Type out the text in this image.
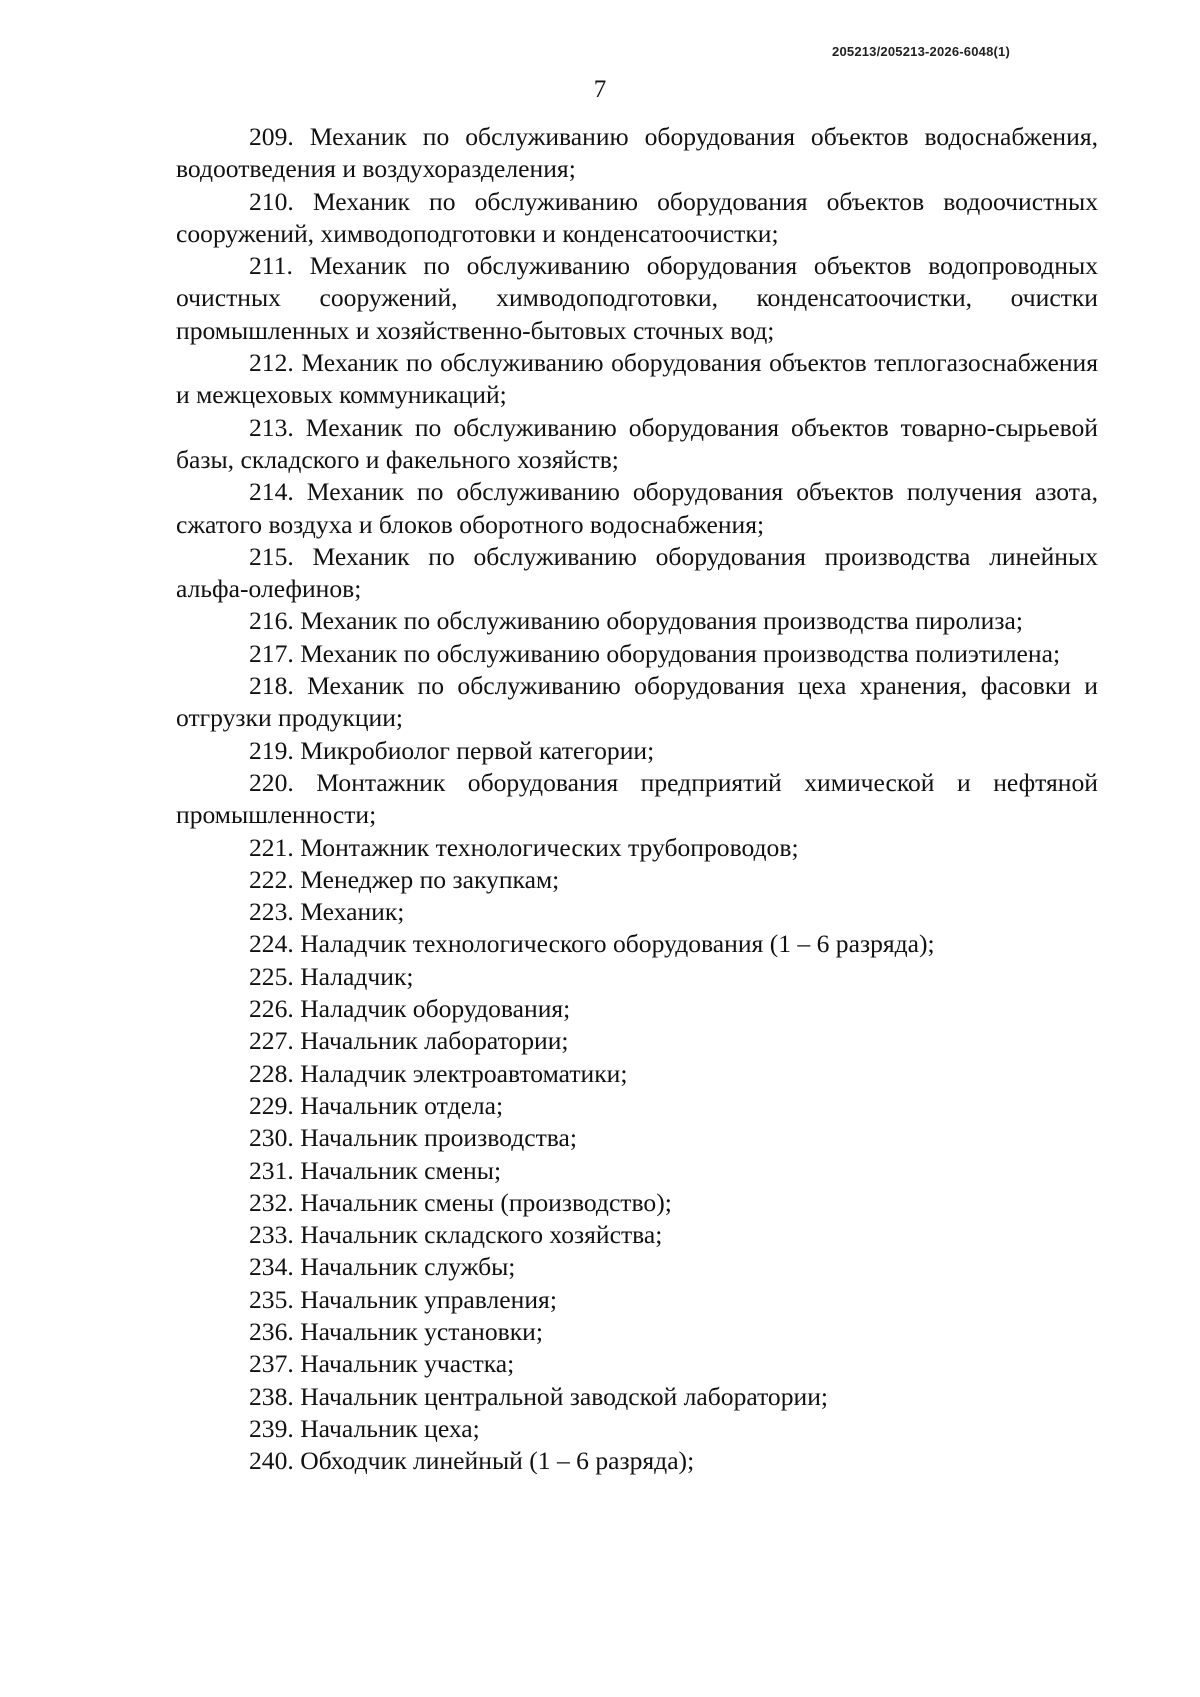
205213/205213-2026-6048(1)
7

209. Механик по обслуживанию оборудования объектов водоснабжения, водоотведения и воздухоразделения;

210. Механик по обслуживанию оборудования объектов водоочистных сооружений, химводоподготовки и конденсатоочистки;

211. Механик по обслуживанию оборудования объектов водопроводных очистных сооружений, химводоподготовки, конденсатоочистки, очистки промышленных и хозяйственно-бытовых сточных вод;

212. Механик по обслуживанию оборудования объектов теплогазоснабжения и межцеховых коммуникаций;

213. Механик по обслуживанию оборудования объектов товарно-сырьевой базы, складского и факельного хозяйств;

214. Механик по обслуживанию оборудования объектов получения азота, сжатого воздуха и блоков оборотного водоснабжения;

215. Механик по обслуживанию оборудования производства линейных альфа-олефинов;

216. Механик по обслуживанию оборудования производства пиролиза;

217. Механик по обслуживанию оборудования производства полиэтилена;

218. Механик по обслуживанию оборудования цеха хранения, фасовки и отгрузки продукции;

219. Микробиолог первой категории;

220. Монтажник оборудования предприятий химической и нефтяной промышленности;

221. Монтажник технологических трубопроводов;

222. Менеджер по закупкам;

223. Механик;

224. Наладчик технологического оборудования (1 – 6 разряда);

225. Наладчик;

226. Наладчик оборудования;

227. Начальник лаборатории;

228. Наладчик электроавтоматики;

229. Начальник отдела;

230. Начальник производства;

231. Начальник смены;

232. Начальник смены (производство);

233. Начальник складского хозяйства;

234. Начальник службы;

235. Начальник управления;

236. Начальник установки;

237. Начальник участка;

238. Начальник центральной заводской лаборатории;

239. Начальник цеха;

240. Обходчик линейный (1 – 6 разряда);
